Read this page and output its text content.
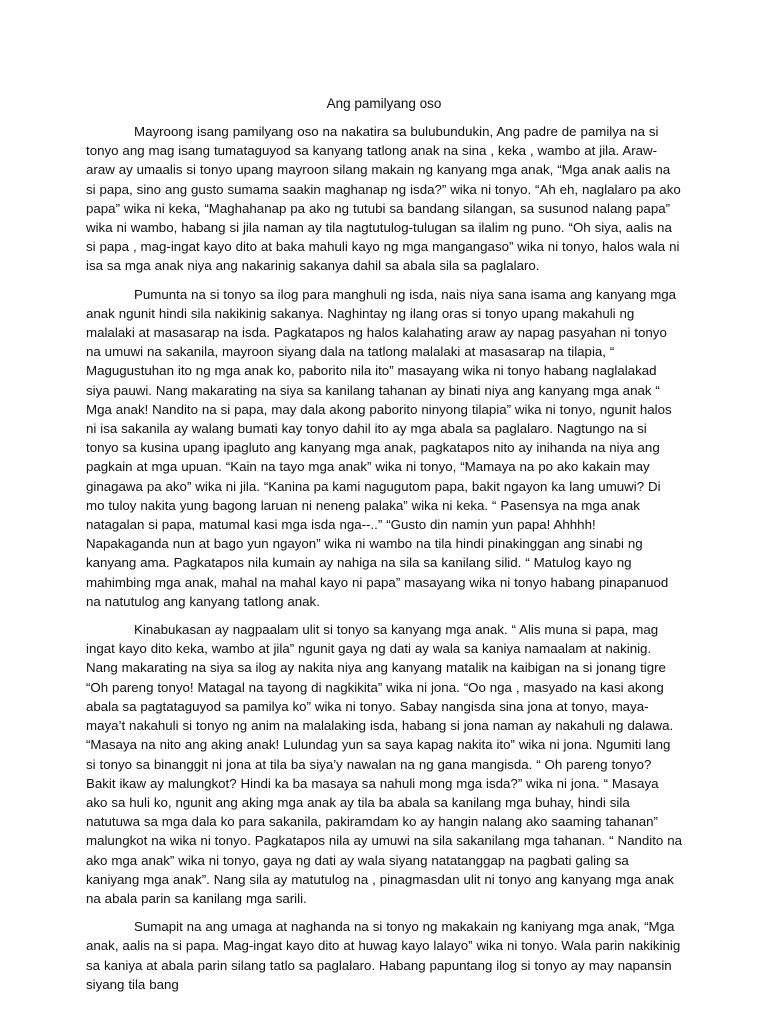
Ang pamilyang oso

Mayroong isang pamilyang oso na nakatira sa bulubundukin, Ang padre de pamilya na si tonyo ang mag isang tumataguyod sa kanyang tatlong anak na sina , keka , wambo at jila. Araw-araw ay umaalis si tonyo upang mayroon silang makain ng kanyang mga anak, “Mga anak aalis na si papa, sino ang gusto sumama saakin maghanap ng isda?” wika ni tonyo. “Ah eh, naglalaro pa ako papa” wika ni keka, “Maghahanap pa ako ng tutubi sa bandang silangan, sa susunod nalang papa” wika ni wambo, habang si jila naman ay tila nagtutulog-tulugan sa ilalim ng puno. “Oh siya, aalis na si papa , mag-ingat kayo dito at baka mahuli kayo ng mga mangangaso” wika ni tonyo, halos wala ni isa sa mga anak niya ang nakarinig sakanya dahil sa abala sila sa paglalaro.

Pumunta na si tonyo sa ilog para manghuli ng isda, nais niya sana isama ang kanyang mga anak ngunit hindi sila nakikinig sakanya. Naghintay ng ilang oras si tonyo upang makahuli ng malalaki at masasarap na isda. Pagkatapos ng halos kalahating araw ay napag pasyahan ni tonyo na umuwi na sakanila, mayroon siyang dala na tatlong malalaki at masasarap na tilapia, “ Magugustuhan ito ng mga anak ko, paborito nila ito” masayang wika ni tonyo habang naglalakad siya pauwi. Nang makarating na siya sa kanilang tahanan ay binati niya ang kanyang mga anak “ Mga anak! Nandito na si papa, may dala akong paborito ninyong tilapia” wika ni tonyo, ngunit halos ni isa sakanila ay walang bumati kay tonyo dahil ito ay mga abala sa paglalaro. Nagtungo na si tonyo sa kusina upang ipagluto ang kanyang mga anak, pagkatapos nito ay inihanda na niya ang pagkain at mga upuan. “Kain na tayo mga anak” wika ni tonyo, “Mamaya na po ako kakain may ginagawa pa ako” wika ni jila. “Kanina pa kami nagugutom papa, bakit ngayon ka lang umuwi? Di mo tuloy nakita yung bagong laruan ni neneng palaka” wika ni keka. “ Pasensya na mga anak natagalan si papa, matumal kasi mga isda nga--..” “Gusto din namin yun papa! Ahhhh! Napakaganda nun at bago yun ngayon” wika ni wambo na tila hindi pinakinggan ang sinabi ng kanyang ama. Pagkatapos nila kumain ay nahiga na sila sa kanilang silid. “ Matulog kayo ng mahimbing mga anak, mahal na mahal kayo ni papa” masayang wika ni tonyo habang pinapanuod na natutulog ang kanyang tatlong anak.

Kinabukasan ay nagpaalam ulit si tonyo sa kanyang mga anak. “ Alis muna si papa, mag ingat kayo dito keka, wambo at jila” ngunit gaya ng dati ay wala sa kaniya namaalam at nakinig. Nang makarating na siya sa ilog ay nakita niya ang kanyang matalik na kaibigan na si jonang tigre “Oh pareng tonyo! Matagal na tayong di nagkikita” wika ni jona. “Oo nga , masyado na kasi akong abala sa pagtataguyod sa pamilya ko” wika ni tonyo. Sabay nangisda sina jona at tonyo, maya-maya’t nakahuli si tonyo ng anim na malalaking isda, habang si jona naman ay nakahuli ng dalawa. “Masaya na nito ang aking anak! Lulundag yun sa saya kapag nakita ito” wika ni jona. Ngumiti lang si tonyo sa binanggit ni jona at tila ba siya’y nawalan na ng gana mangisda. “ Oh pareng tonyo? Bakit ikaw ay malungkot? Hindi ka ba masaya sa nahuli mong mga isda?” wika ni jona. “ Masaya ako sa huli ko, ngunit ang aking mga anak ay tila ba abala sa kanilang mga buhay, hindi sila natutuwa sa mga dala ko para sakanila, pakiramdam ko ay hangin nalang ako saaming tahanan” malungkot na wika ni tonyo. Pagkatapos nila ay umuwi na sila sakanilang mga tahanan. “ Nandito na ako mga anak” wika ni tonyo, gaya ng dati ay wala siyang natatanggap na pagbati galing sa kaniyang mga anak”. Nang sila ay matutulog na , pinagmasdan ulit ni tonyo ang kanyang mga anak na abala parin sa kanilang mga sarili.

Sumapit na ang umaga at naghanda na si tonyo ng makakain ng kaniyang mga anak, “Mga anak, aalis na si papa. Mag-ingat kayo dito at huwag kayo lalayo” wika ni tonyo. Wala parin nakikinig sa kaniya at abala parin silang tatlo sa paglalaro. Habang papuntang ilog si tonyo ay may napansin siyang tila bang
